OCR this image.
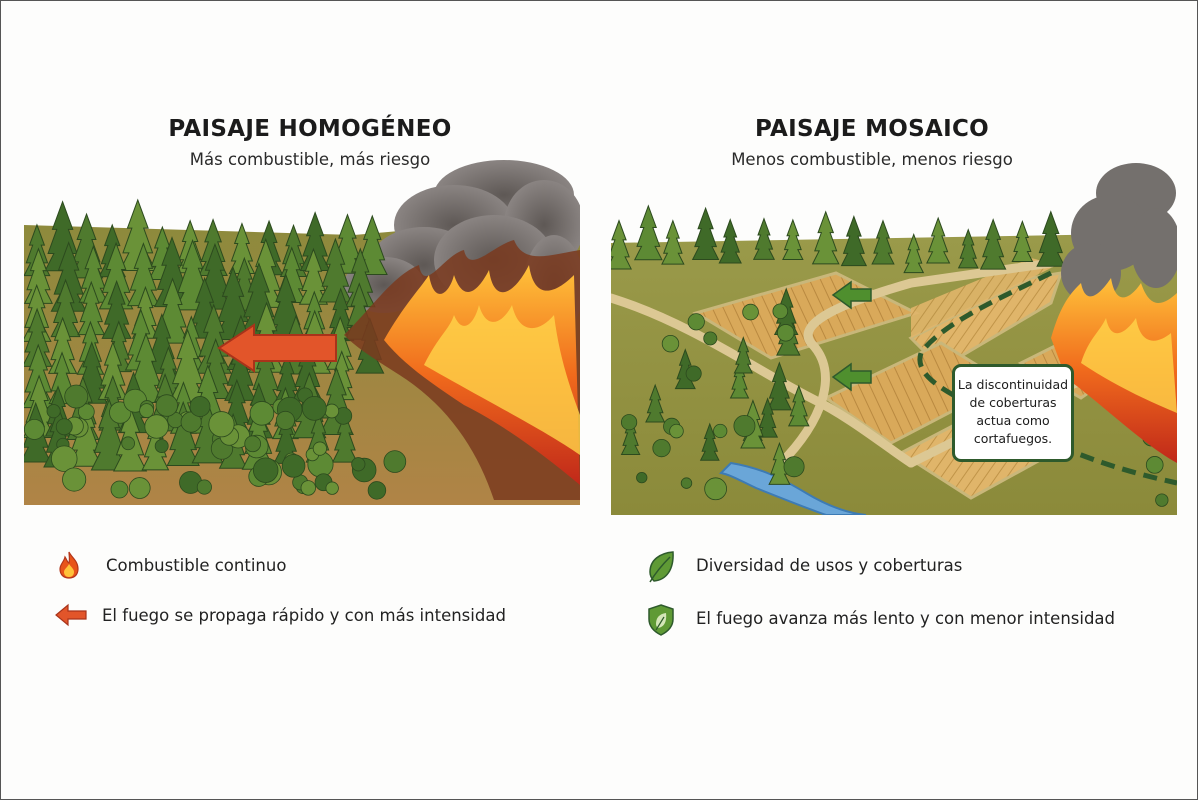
PAISAJE HOMOGÉNEO
Más combustible, más riesgo
Combustible continuo
El fuego se propaga rápido y con más intensidad
PAISAJE MOSAICO
Menos combustible, menos riesgo
La discontinuidad
de coberturas
actua como
cortafuegos.
Diversidad de usos y coberturas
El fuego avanza más lento y con menor intensidad
